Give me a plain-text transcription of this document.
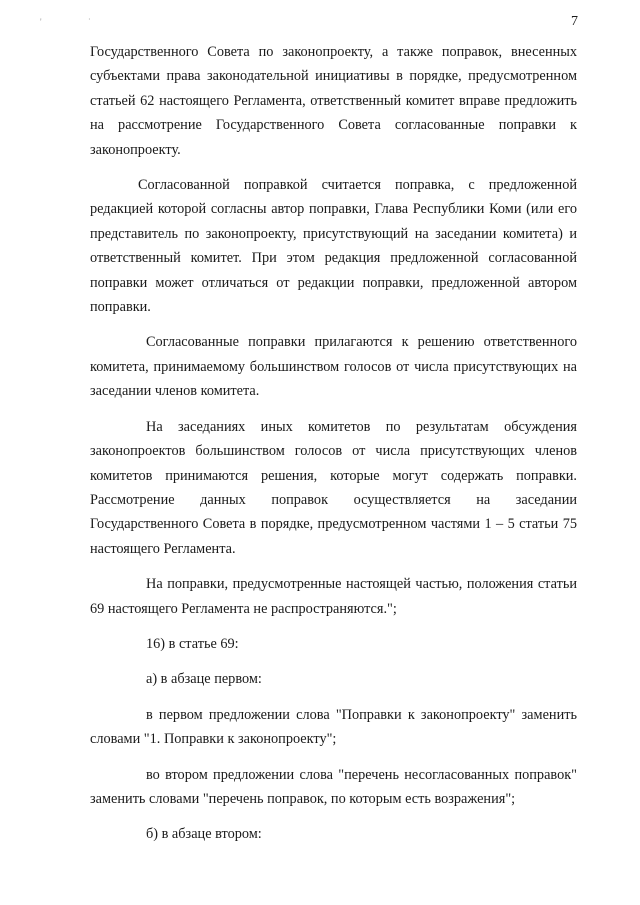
' ˙	7

Государственного Совета по законопроекту, а также поправок, внесенных субъектами права законодательной инициативы в порядке, предусмотренном статьей 62 настоящего Регламента, ответственный комитет вправе предложить на рассмотрение Государственного Совета согласованные поправки к законопроекту.

Согласованной поправкой считается поправка, с предложенной редакцией которой согласны автор поправки, Глава Республики Коми (или его представитель по законопроекту, присутствующий на заседании комитета) и ответственный комитет. При этом редакция предложенной согласованной поправки может отличаться от редакции поправки, предложенной автором поправки.

Согласованные поправки прилагаются к решению ответственного комитета, принимаемому большинством голосов от числа присутствующих на заседании членов комитета.

На заседаниях иных комитетов по результатам обсуждения законопроектов большинством голосов от числа присутствующих членов комитетов принимаются решения, которые могут содержать поправки. Рассмотрение данных поправок осуществляется на заседании Государственного Совета в порядке, предусмотренном частями 1 – 5 статьи 75 настоящего Регламента.

На поправки, предусмотренные настоящей частью, положения статьи 69 настоящего Регламента не распространяются.";

16) в статье 69:

а) в абзаце первом:

в первом предложении слова "Поправки к законопроекту" заменить словами "1. Поправки к законопроекту";

во втором предложении слова "перечень несогласованных поправок" заменить словами "перечень поправок, по которым есть возражения";

б) в абзаце втором:
